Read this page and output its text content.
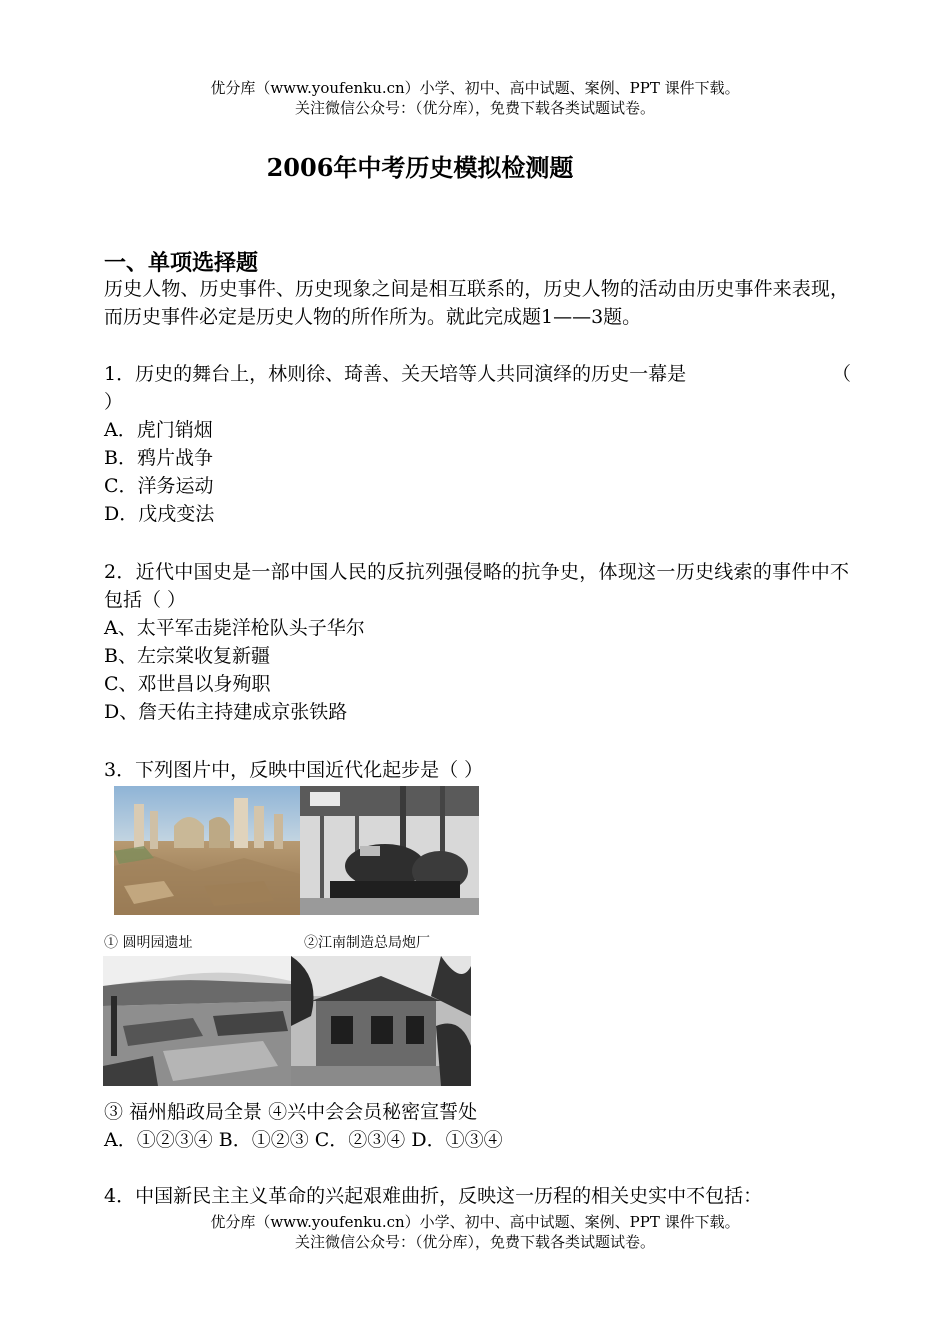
优分库（www.youfenku.cn）小学、初中、高中试题、案例、PPT 课件下载。
关注微信公众号：（优分库），免费下载各类试题试卷。
2006年中考历史模拟检测题
一、单项选择题
历史人物、历史事件、历史现象之间是相互联系的，历史人物的活动由历史事件来表现，而历史事件必定是历史人物的所作所为。就此完成题1——3题。
1．历史的舞台上，林则徐、琦善、关天培等人共同演绎的历史一幕是	（
）
A．虎门销烟
B．鸦片战争
C．洋务运动
D．戊戌变法
2．近代中国史是一部中国人民的反抗列强侵略的抗争史，体现这一历史线索的事件中不包括（ ）
A、太平军击毙洋枪队头子华尔
B、左宗棠收复新疆
C、邓世昌以身殉职
D、詹天佑主持建成京张铁路
3．下列图片中，反映中国近代化起步是（ ）
① 圆明园遗址	②江南制造总局炮厂
③ 福州船政局全景 ④兴中会会员秘密宣誓处
A．①②③④ B．①②③ C．②③④ D．①③④
4．中国新民主主义革命的兴起艰难曲折，反映这一历程的相关史实中不包括：
优分库（www.youfenku.cn）小学、初中、高中试题、案例、PPT 课件下载。
关注微信公众号：（优分库），免费下载各类试题试卷。
